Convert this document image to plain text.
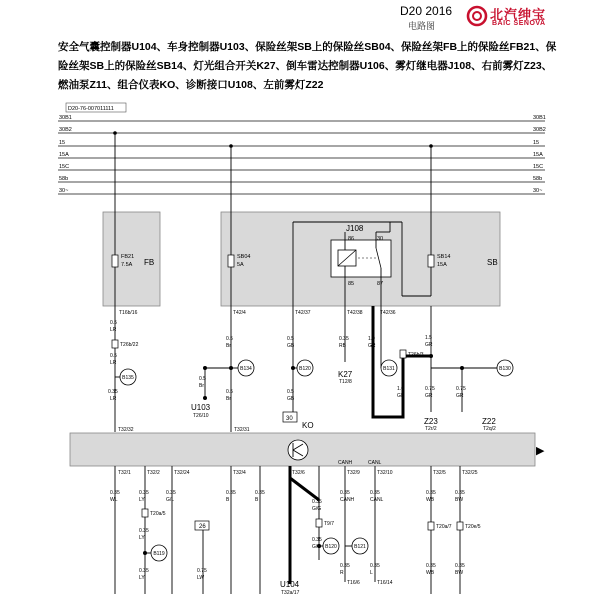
D20 2016
电路图
北汽绅宝
BAIC SENOVA
安全气囊控制器U104、车身控制器U103、保险丝架SB上的保险丝SB04、保险丝架FB上的保险丝FB21、保险丝架SB上的保险丝SB14、灯光组合开关K27、倒车雷达控制器U106、雾灯继电器J108、右前雾灯Z23、燃油泵Z11、组合仪表KO、诊断接口U108、左前雾灯Z22
D20-76-007011111
30B1
30B2
15
15A
15C
58b
30~
30B1
30B2
15
15A
15C
58b
30~
FB	SB
FB21
7.5A
SB04
5A
SB14
15A
J108
86	30
85	87
T16b/16	T42/4	T42/37	T42/38	T42/36
B135
B134	B120	B131	B130
T26b/22
T26b/3
0.5
LR
0.5
LR
0.35
LR
0.5
Br
0.5
Br
0.5
Br
0.5
GB
0.5
GB
0.35
RB
1.0
GR
1.0
GR
1.5
GR
0.75
GR
0.75
GR
U103
T26/10
K27
T12/8
KO	Z23
T2r/2
Z22
T2q/2
U104
T32a/17
30
▶
T32/32	T32/31
T32/1	T32/2	T32/24	T32/4	T32/6	T32/9	T32/10	T32/5	T32/25
CANH	CANL
B119
B120	B121
T20a/5
T9/7	T20a/7	T20e/5
26
0.35
WL
0.35
LY
0.35
G/L
0.35
B
0.35
B	0.35
G/G
0.35
CANH
0.35
CANL
0.35
WB
0.35
BW
0.35
LY
0.35
LY
0.75
LW
0.35
G/G
0.35
R
0.35
L
0.35
WB
0.35
BW
T16/6	T16/14
